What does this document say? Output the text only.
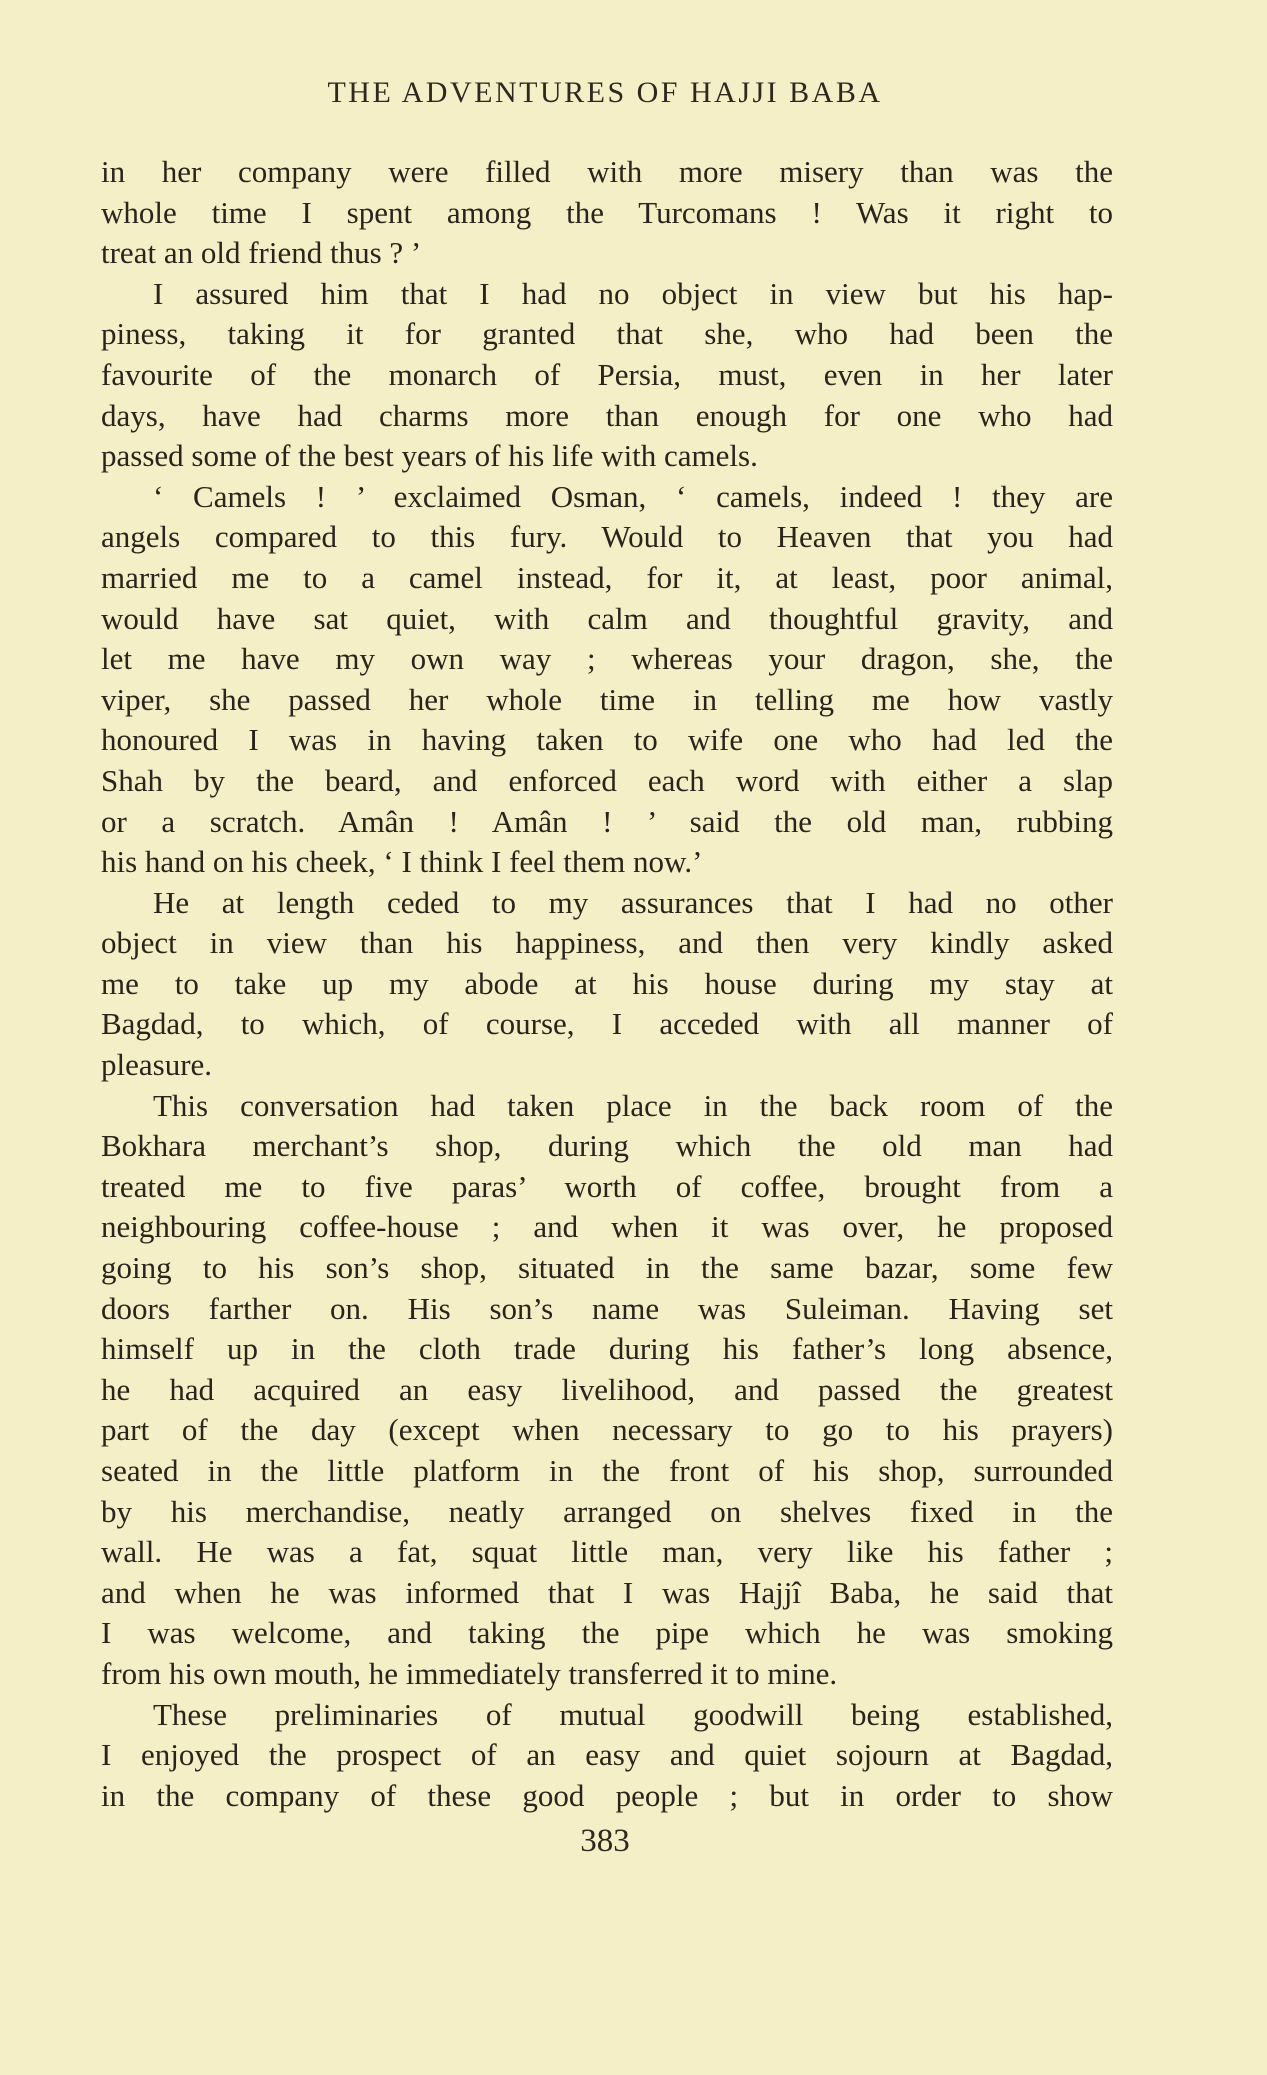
THE ADVENTURES OF HAJJI BABA
in her company were filled with more misery than was the
whole time I spent among the Turcomans ! Was it right to
treat an old friend thus ? ’
I assured him that I had no object in view but his hap-
piness, taking it for granted that she, who had been the
favourite of the monarch of Persia, must, even in her later
days, have had charms more than enough for one who had
passed some of the best years of his life with camels.
‘ Camels ! ’ exclaimed Osman, ‘ camels, indeed ! they are
angels compared to this fury. Would to Heaven that you had
married me to a camel instead, for it, at least, poor animal,
would have sat quiet, with calm and thoughtful gravity, and
let me have my own way ; whereas your dragon, she, the
viper, she passed her whole time in telling me how vastly
honoured I was in having taken to wife one who had led the
Shah by the beard, and enforced each word with either a slap
or a scratch. Amân ! Amân ! ’ said the old man, rubbing
his hand on his cheek, ‘ I think I feel them now.’
He at length ceded to my assurances that I had no other
object in view than his happiness, and then very kindly asked
me to take up my abode at his house during my stay at
Bagdad, to which, of course, I acceded with all manner of
pleasure.
This conversation had taken place in the back room of the
Bokhara merchant’s shop, during which the old man had
treated me to five paras’ worth of coffee, brought from a
neighbouring coffee-house ; and when it was over, he proposed
going to his son’s shop, situated in the same bazar, some few
doors farther on. His son’s name was Suleiman. Having set
himself up in the cloth trade during his father’s long absence,
he had acquired an easy livelihood, and passed the greatest
part of the day (except when necessary to go to his prayers)
seated in the little platform in the front of his shop, surrounded
by his merchandise, neatly arranged on shelves fixed in the
wall. He was a fat, squat little man, very like his father ;
and when he was informed that I was Hajjî Baba, he said that
I was welcome, and taking the pipe which he was smoking
from his own mouth, he immediately transferred it to mine.
These preliminaries of mutual goodwill being established,
I enjoyed the prospect of an easy and quiet sojourn at Bagdad,
in the company of these good people ; but in order to show
383
